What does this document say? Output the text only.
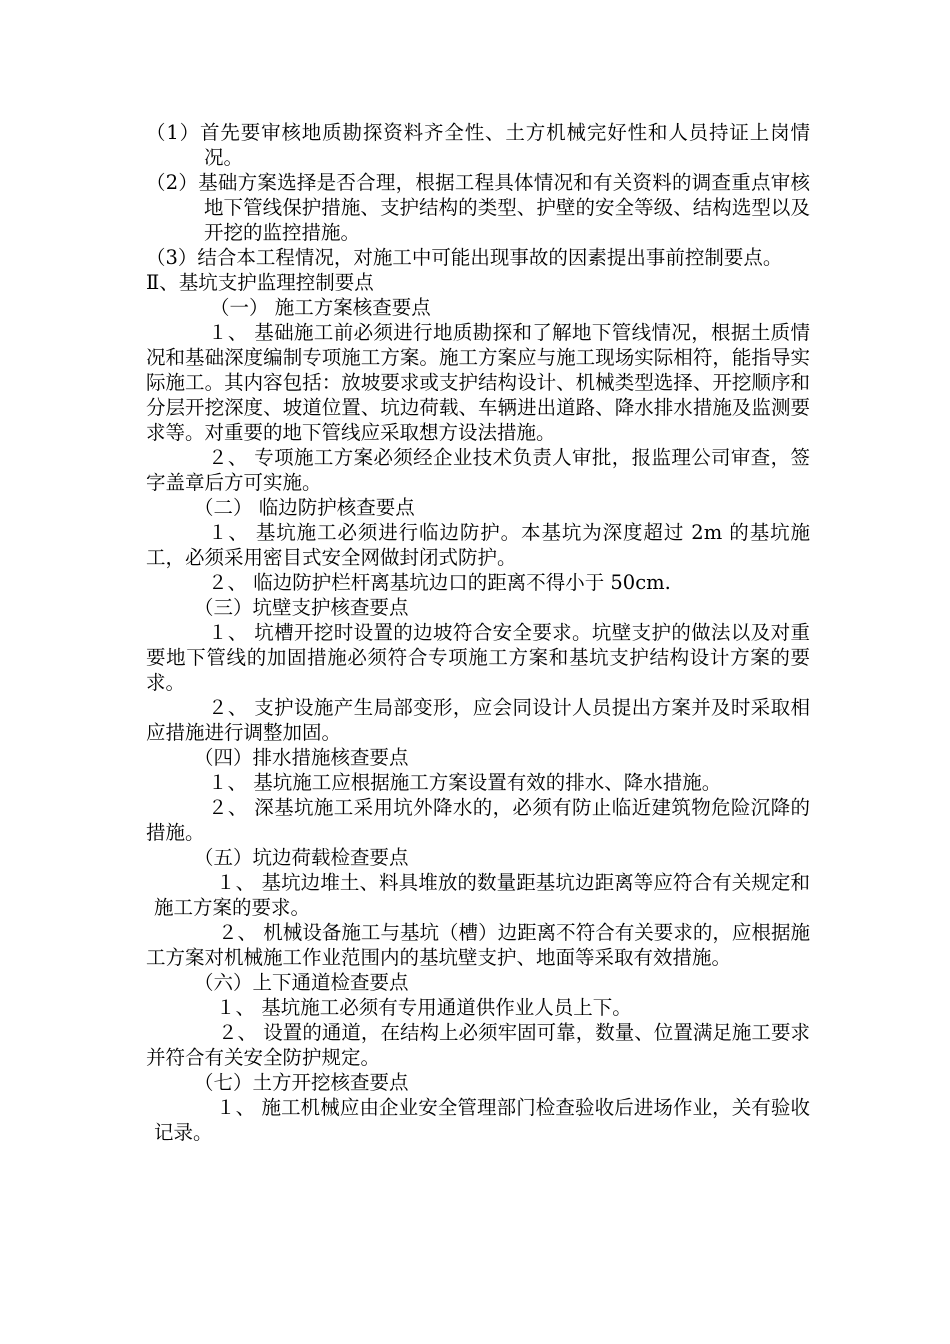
（1）首先要审核地质勘探资料齐全性、土方机械完好性和人员持证上岗情况。

（2）基础方案选择是否合理，根据工程具体情况和有关资料的调查重点审核地下管线保护措施、支护结构的类型、护壁的安全等级、结构选型以及开挖的监控措施。

（3）结合本工程情况，对施工中可能出现事故的因素提出事前控制要点。

Ⅱ、基坑支护监理控制要点

（一） 施工方案核查要点

１、 基础施工前必须进行地质勘探和了解地下管线情况，根据土质情况和基础深度编制专项施工方案。施工方案应与施工现场实际相符，能指导实际施工。其内容包括：放坡要求或支护结构设计、机械类型选择、开挖顺序和分层开挖深度、坡道位置、坑边荷载、车辆进出道路、降水排水措施及监测要求等。对重要的地下管线应采取想方设法措施。

２、 专项施工方案必须经企业技术负责人审批，报监理公司审查，签字盖章后方可实施。

（二） 临边防护核查要点

１、 基坑施工必须进行临边防护。本基坑为深度超过 2m 的基坑施工，必须采用密目式安全网做封闭式防护。

２、 临边防护栏杆离基坑边口的距离不得小于 50cm.

（三）坑壁支护核查要点

１、 坑槽开挖时设置的边坡符合安全要求。坑壁支护的做法以及对重要地下管线的加固措施必须符合专项施工方案和基坑支护结构设计方案的要求。

２、 支护设施产生局部变形，应会同设计人员提出方案并及时采取相应措施进行调整加固。

（四）排水措施核查要点

１、 基坑施工应根据施工方案设置有效的排水、降水措施。

２、 深基坑施工采用坑外降水的，必须有防止临近建筑物危险沉降的措施。

（五）坑边荷载检查要点

１、 基坑边堆土、料具堆放的数量距基坑边距离等应符合有关规定和施工方案的要求。

２、 机械设备施工与基坑（槽）边距离不符合有关要求的，应根据施工方案对机械施工作业范围内的基坑壁支护、地面等采取有效措施。

（六）上下通道检查要点

１、 基坑施工必须有专用通道供作业人员上下。

２、 设置的通道，在结构上必须牢固可靠，数量、位置满足施工要求并符合有关安全防护规定。

（七）土方开挖核查要点

１、 施工机械应由企业安全管理部门检查验收后进场作业，关有验收记录。
